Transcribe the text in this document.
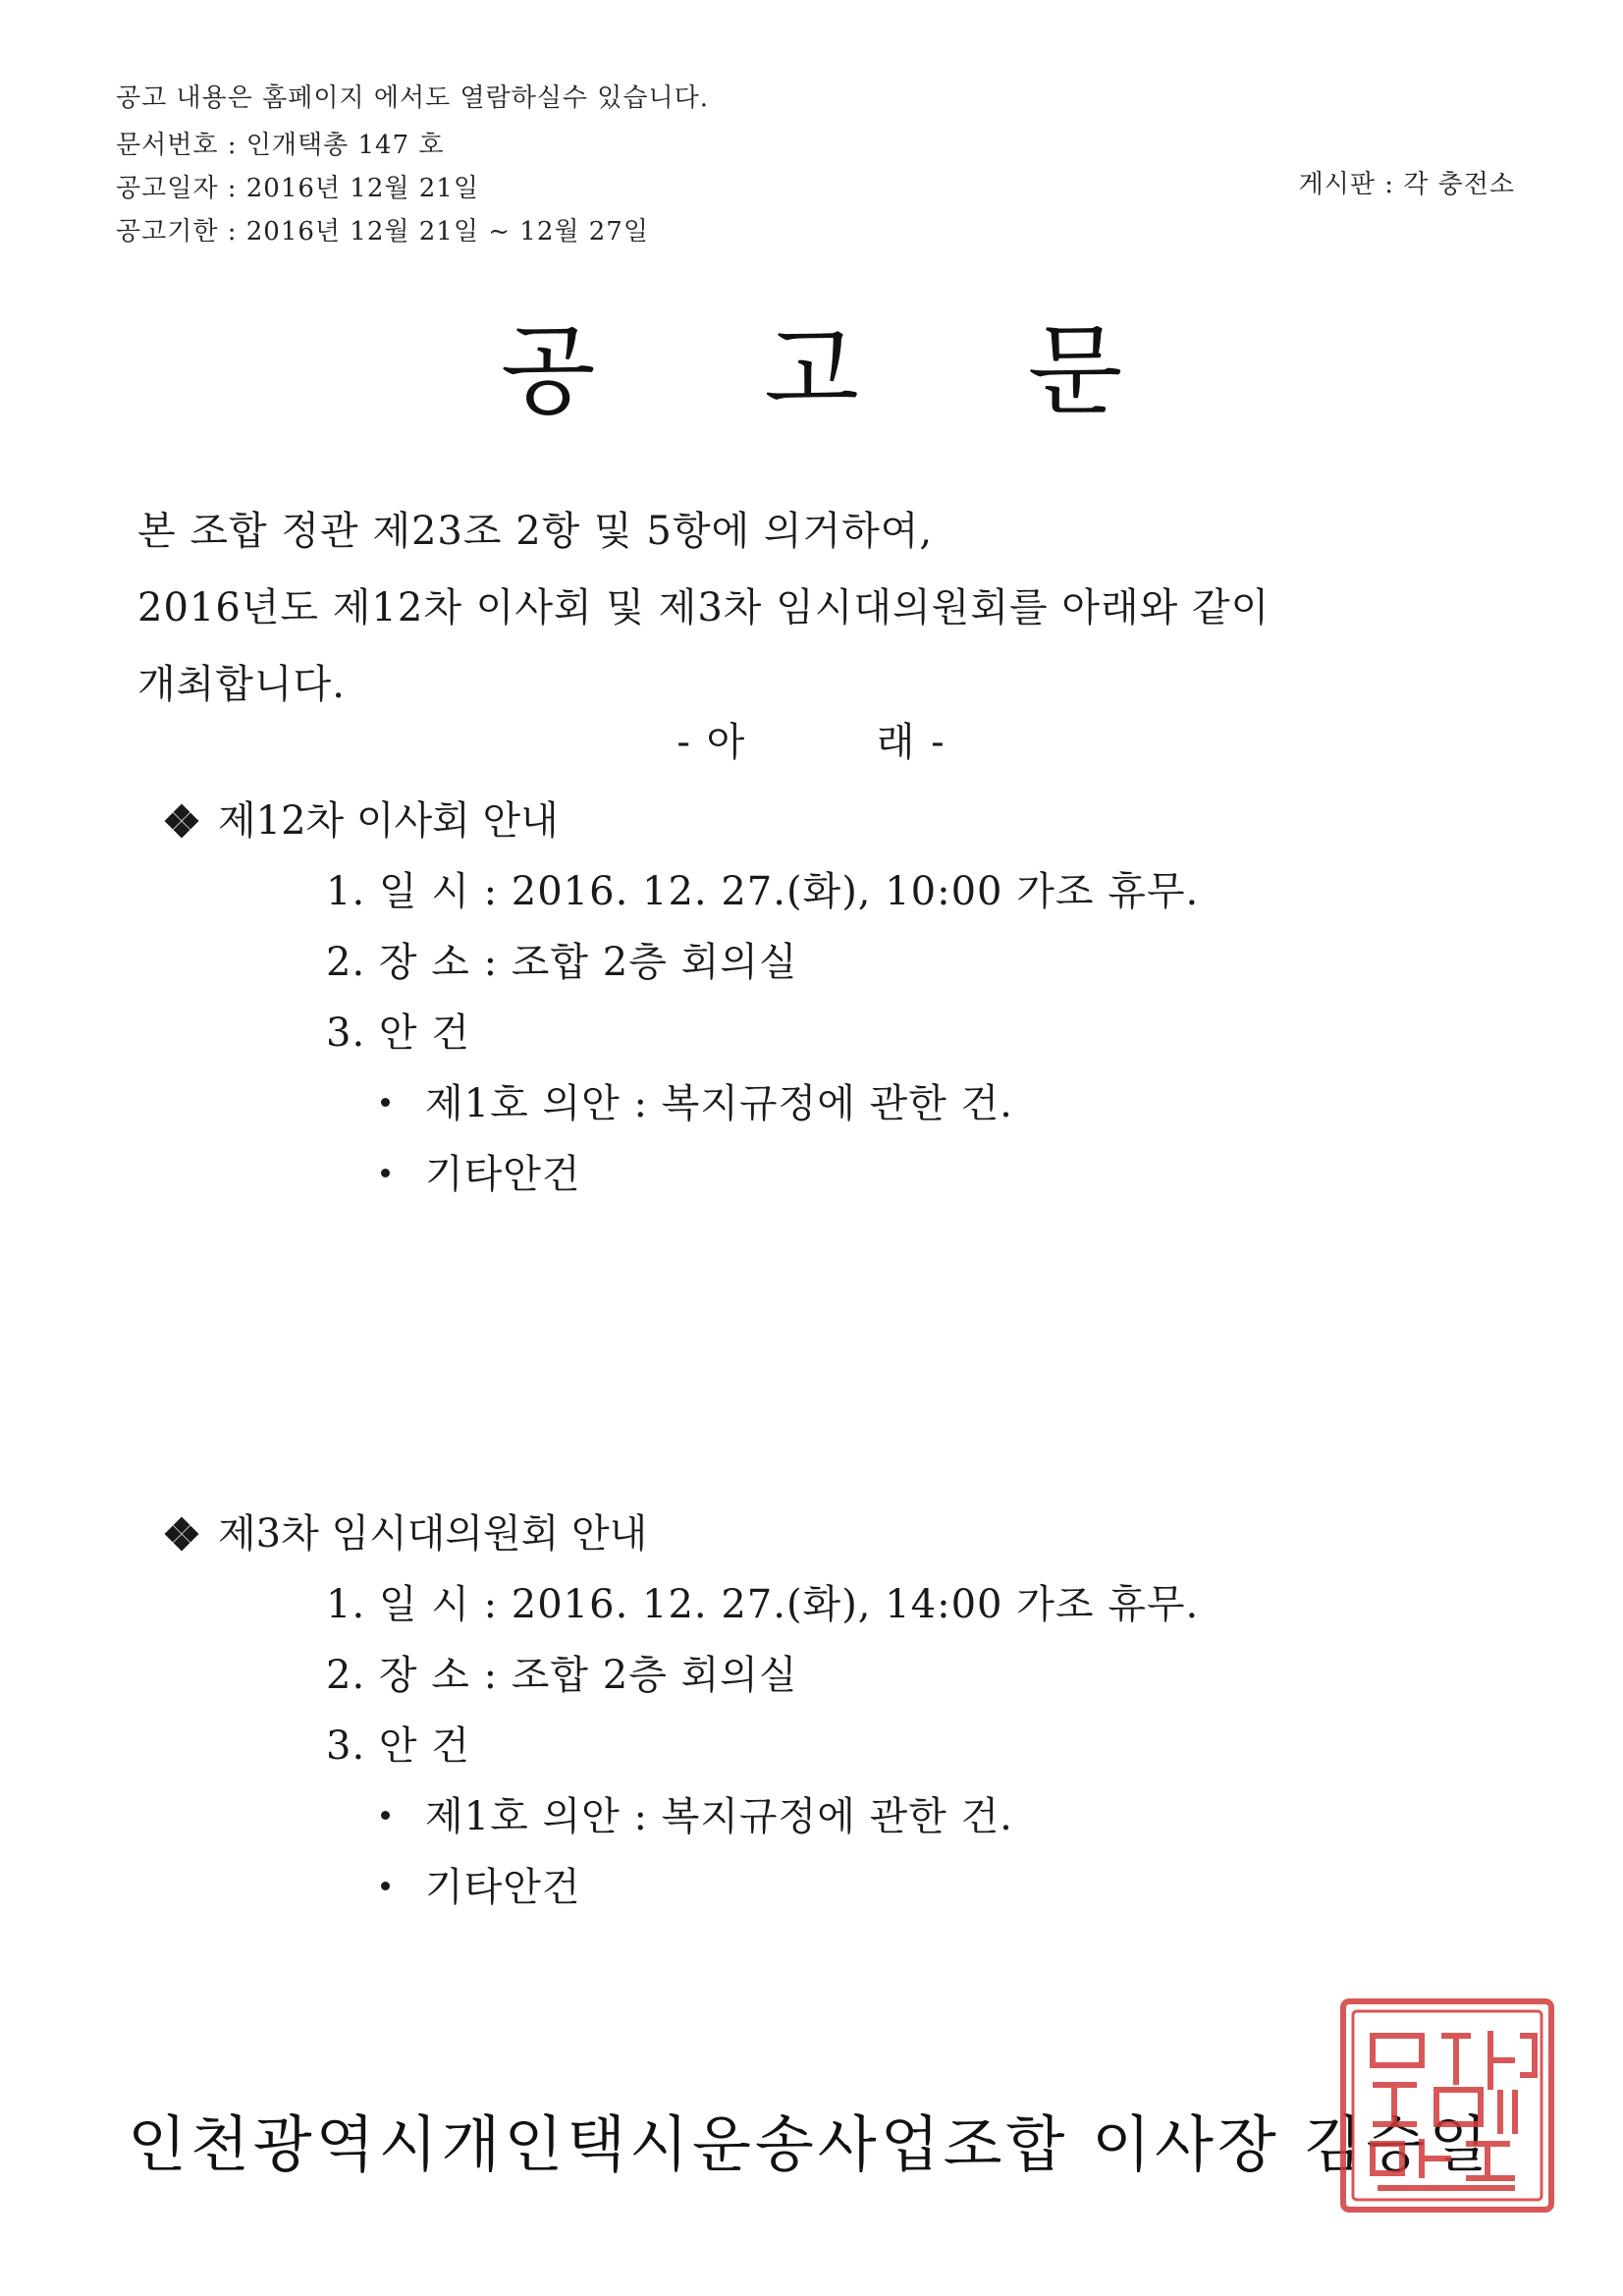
공고 내용은 홈페이지 에서도 열람하실수 있습니다.
문서번호 : 인개택총 147 호
공고일자 : 2016년 12월 21일
공고기한 : 2016년 12월 21일 ~ 12월 27일
게시판 : 각 충전소
공 고 문
본 조합 정관 제23조 2항 및 5항에 의거하여,
2016년도 제12차 이사회 및 제3차 임시대의원회를 아래와 같이
개최합니다.
- 아         래 -
제12차 이사회 안내
1. 일 시 : 2016. 12. 27.(화), 10:00 가조 휴무.
2. 장 소 : 조합 2층 회의실
3. 안 건
제1호 의안 : 복지규정에 관한 건.
기타안건
제3차 임시대의원회 안내
1. 일 시 : 2016. 12. 27.(화), 14:00 가조 휴무.
2. 장 소 : 조합 2층 회의실
3. 안 건
제1호 의안 : 복지규정에 관한 건.
기타안건
인천광역시개인택시운송사업조합 이사장 김승일
